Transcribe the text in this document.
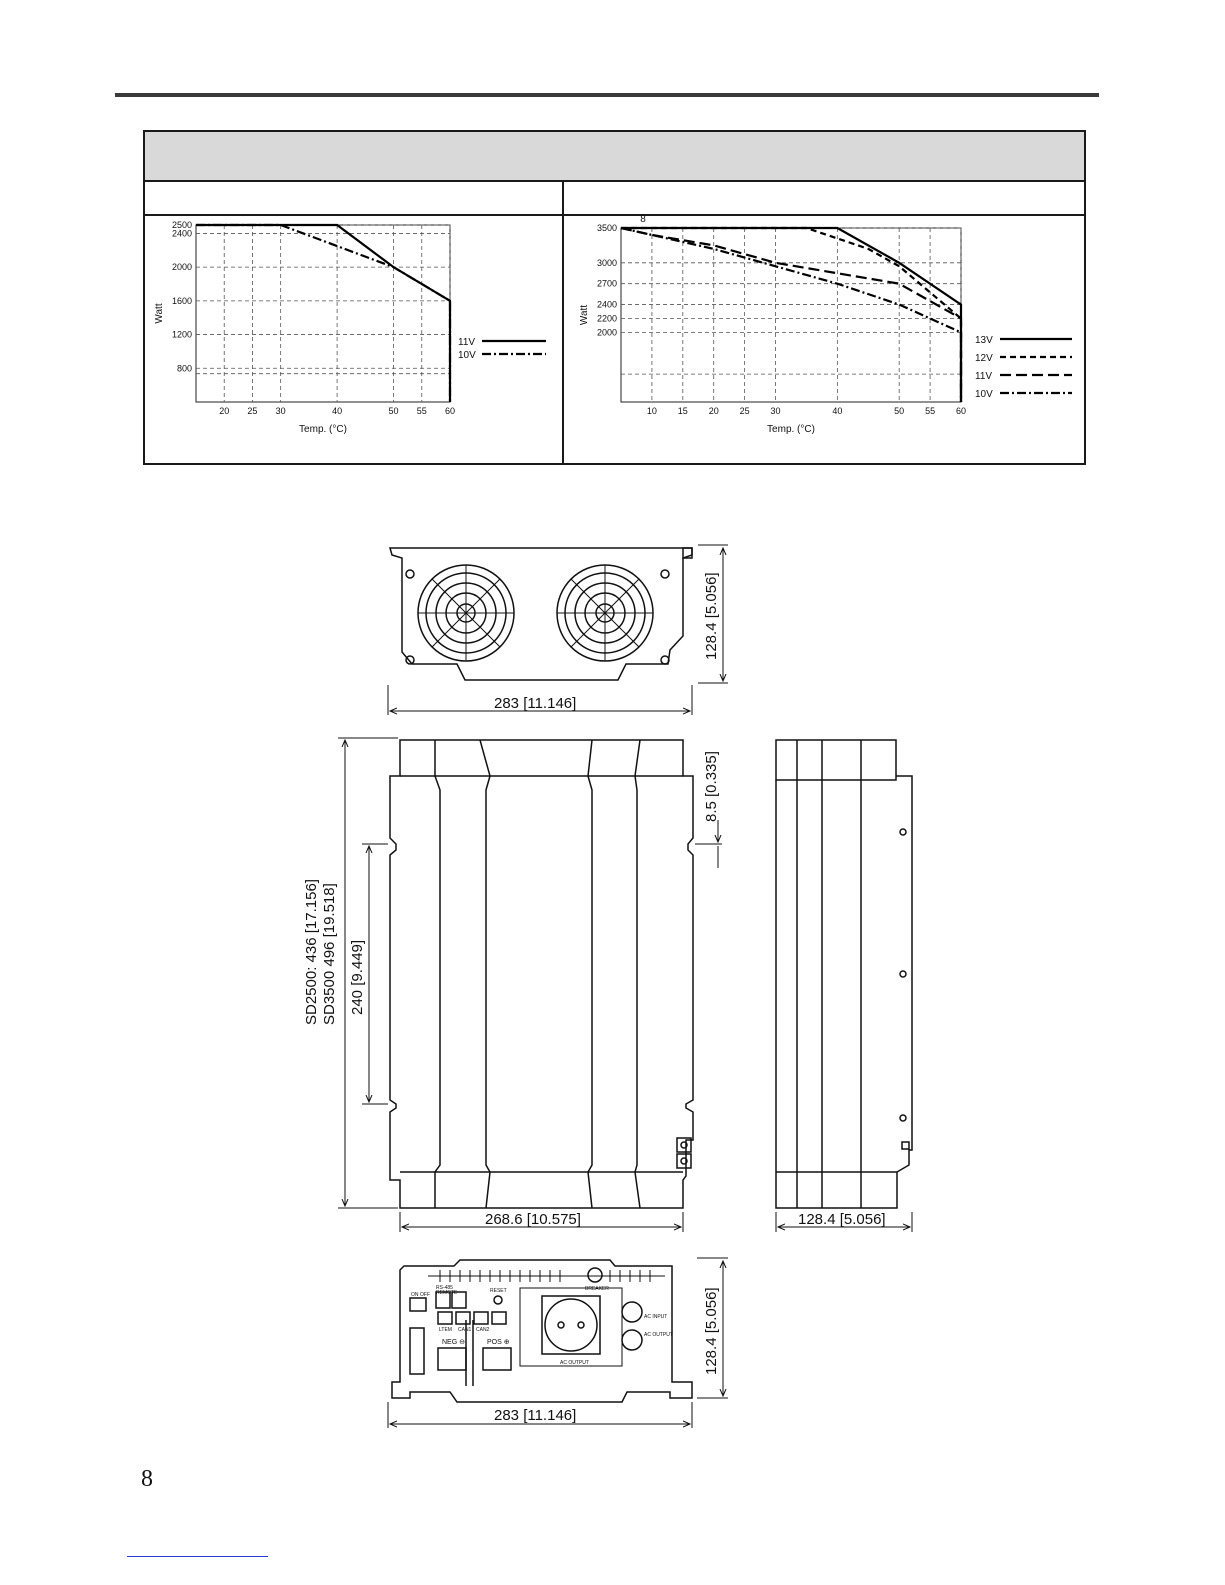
20 25 30	40	50 55 60
2500
2400
2000
1600
1200
800
Temp. (°C)
Watt
11V
10V
10 15 20 25 30	40	50 55 60
3500
3000
2700
2400
2200
2000
Temp. (°C)
Watt
8
13V
12V
11V
10V
128.4 [5.056]
283 [11.146]
SD2500: 436 [17.156] SD3500 496 [19.518] 240 [9.449]
8.5 [0.335]
268.6 [10.575]	128.4 [5.056]
BREAKER
RESET
ON OFF
RS-485
REMOTE
LTEM CAN1 CAN2
AC INPUT
AC OUTPUT
AC OUTPUT
NEG ⊖	POS ⊕	128.4 [5.056]
283 [11.146]
8
